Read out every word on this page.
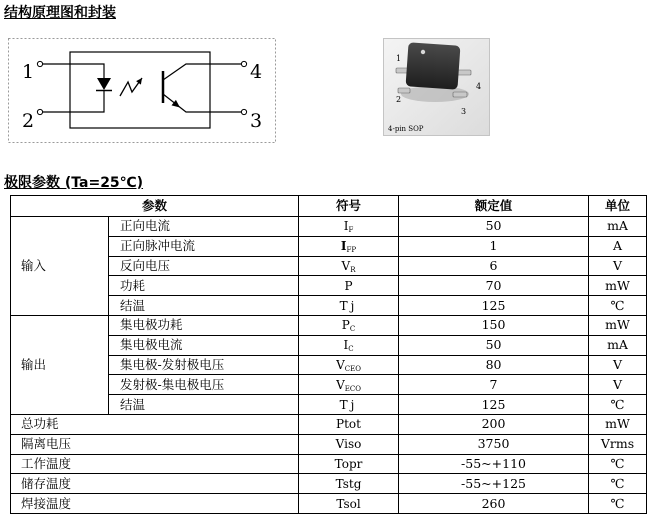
结构原理图和封装
1
2
4
3
1
2
4
3
4-pin SOP
极限参数 (Ta=25℃)
参数		符号	额定值	单位
输入	正向电流	$I_F$	50	mA
	正向脉冲电流	$I_{FP}$	1	A
	反向电压	$V_R$	6	V
	功耗	P	70	mW
	结温	Tj	125	℃
输出	集电极功耗	$P_C$	150	mW
	集电极电流	$I_C$	50	mA
	集电极-发射极电压	$V_{CEO}$	80	V
	发射极-集电极电压	$V_{ECO}$	7	V
	结温	Tj	125	℃
总功耗		Ptot	200	mW
隔离电压		Viso	3750	Vrms
工作温度		Topr	-55~+110	℃
储存温度		Tstg	-55~+125	℃
焊接温度		Tsol	260	℃
